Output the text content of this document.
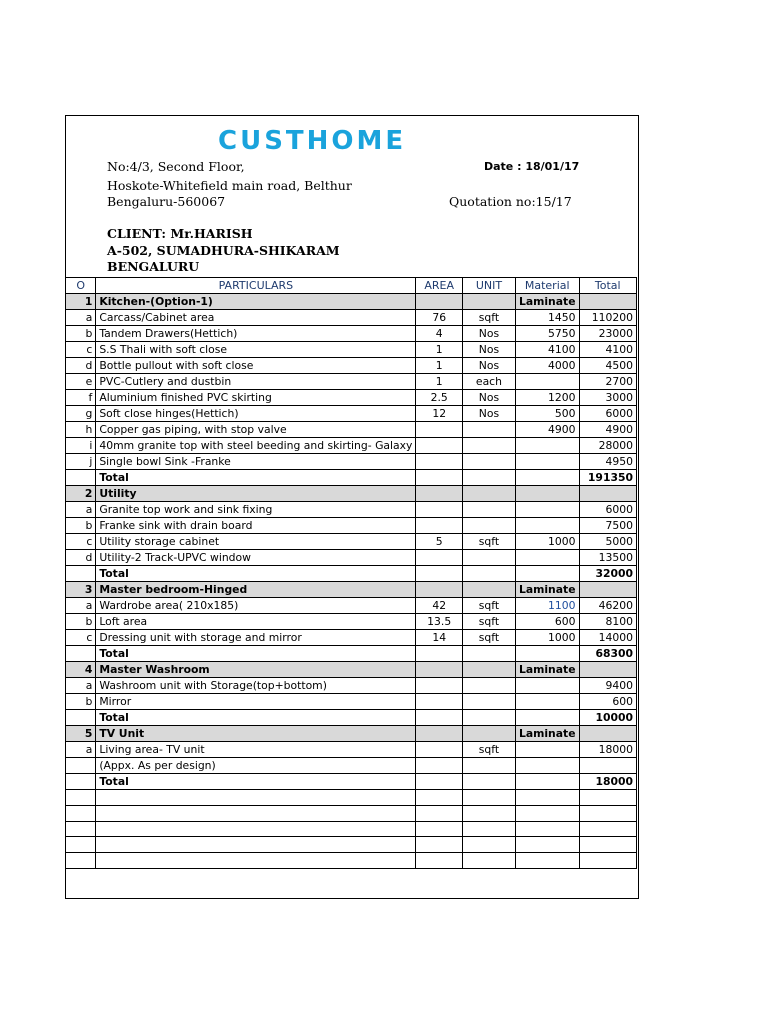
CUSTHOME
No:4/3, Second Floor,
Hoskote-Whitefield main road, Belthur
Bengaluru-560067
Date : 18/01/17
Quotation no:15/17
CLIENT: Mr.HARISH
A-502, SUMADHURA-SHIKARAM
BENGALURU
O	PARTICULARS	AREA	UNIT	Material	Total
1	Kitchen-(Option-1)			Laminate	
a	Carcass/Cabinet area	76	sqft	1450	110200
b	Tandem Drawers(Hettich)	4	Nos	5750	23000
c	S.S Thali with soft close	1	Nos	4100	4100
d	Bottle pullout with soft close	1	Nos	4000	4500
e	PVC-Cutlery and dustbin	1	each		2700
f	Aluminium finished PVC skirting	2.5	Nos	1200	3000
g	Soft close hinges(Hettich)	12	Nos	500	6000
h	Copper gas piping, with stop valve			4900	4900
i	40mm granite top with steel beeding and skirting- Galaxy				28000
j	Single bowl Sink -Franke				4950
	Total				191350
2	Utility				
a	Granite top work and sink fixing				6000
b	Franke sink with drain board				7500
c	Utility storage cabinet	5	sqft	1000	5000
d	Utility-2 Track-UPVC window				13500
	Total				32000
3	Master bedroom-Hinged			Laminate	
a	Wardrobe area( 210x185)	42	sqft	1100	46200
b	Loft area	13.5	sqft	600	8100
c	Dressing unit with storage and mirror	14	sqft	1000	14000
	Total				68300
4	Master Washroom			Laminate	
a	Washroom unit with Storage(top+bottom)				9400
b	Mirror				600
	Total				10000
5	TV Unit			Laminate	
a	Living area- TV unit		sqft		18000
	(Appx. As per design)				
	Total				18000
